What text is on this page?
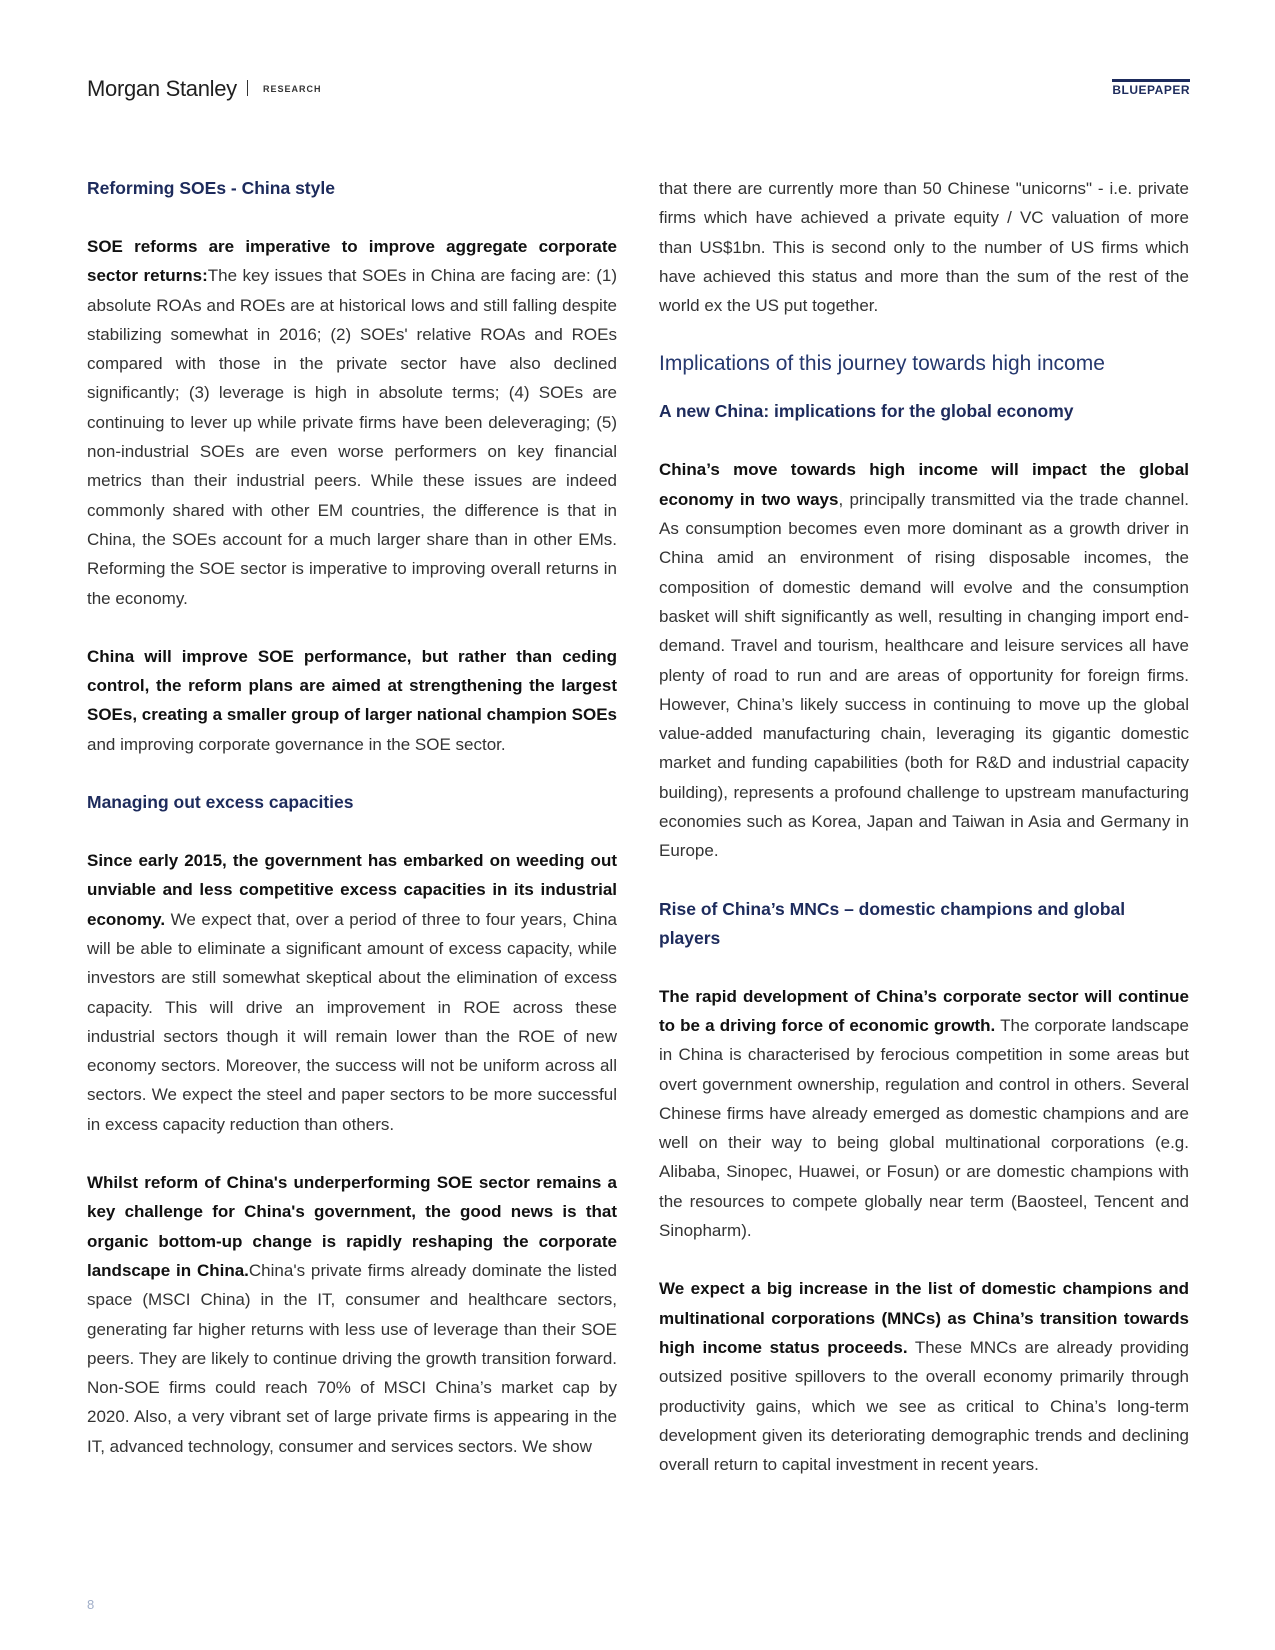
Morgan Stanley	RESEARCH	BLUEPAPER
Reforming SOEs - China style

SOE reforms are imperative to improve aggregate corporate sector returns:The key issues that SOEs in China are facing are: (1) absolute ROAs and ROEs are at historical lows and still falling despite stabilizing somewhat in 2016; (2) SOEs' relative ROAs and ROEs compared with those in the private sector have also declined significantly; (3) leverage is high in absolute terms; (4) SOEs are continuing to lever up while private firms have been deleveraging; (5) non-industrial SOEs are even worse performers on key financial metrics than their industrial peers. While these issues are indeed commonly shared with other EM countries, the difference is that in China, the SOEs account for a much larger share than in other EMs. Reforming the SOE sector is imperative to improving overall returns in the economy.

China will improve SOE performance, but rather than ceding control, the reform plans are aimed at strengthening the largest SOEs, creating a smaller group of larger national champion SOEs and improving corporate governance in the SOE sector.

Managing out excess capacities

Since early 2015, the government has embarked on weeding out unviable and less competitive excess capacities in its industrial economy. We expect that, over a period of three to four years, China will be able to eliminate a significant amount of excess capacity, while investors are still somewhat skeptical about the elimination of excess capacity. This will drive an improvement in ROE across these industrial sectors though it will remain lower than the ROE of new economy sectors. Moreover, the success will not be uniform across all sectors. We expect the steel and paper sectors to be more successful in excess capacity reduction than others.

Whilst reform of China's underperforming SOE sector remains a key challenge for China's government, the good news is that organic bottom-up change is rapidly reshaping the corporate landscape in China.China's private firms already dominate the listed space (MSCI China) in the IT, consumer and healthcare sectors, generating far higher returns with less use of leverage than their SOE peers. They are likely to continue driving the growth transition forward. Non-SOE firms could reach 70% of MSCI China’s market cap by 2020. Also, a very vibrant set of large private firms is appearing in the IT, advanced technology, consumer and services sectors. We show

that there are currently more than 50 Chinese "unicorns" - i.e. private firms which have achieved a private equity / VC valuation of more than US$1bn. This is second only to the number of US firms which have achieved this status and more than the sum of the rest of the world ex the US put together.

Implications of this journey towards high income
A new China: implications for the global economy

China’s move towards high income will impact the global economy in two ways, principally transmitted via the trade channel. As consumption becomes even more dominant as a growth driver in China amid an environment of rising disposable incomes, the composition of domestic demand will evolve and the consumption basket will shift significantly as well, resulting in changing import end-demand. Travel and tourism, healthcare and leisure services all have plenty of road to run and are areas of opportunity for foreign firms. However, China’s likely success in continuing to move up the global value-added manufacturing chain, leveraging its gigantic domestic market and funding capabilities (both for R&D and industrial capacity building), represents a profound challenge to upstream manufacturing economies such as Korea, Japan and Taiwan in Asia and Germany in Europe.

Rise of China’s MNCs – domestic champions and global players

The rapid development of China’s corporate sector will continue to be a driving force of economic growth. The corporate landscape in China is characterised by ferocious competition in some areas but overt government ownership, regulation and control in others. Several Chinese firms have already emerged as domestic champions and are well on their way to being global multinational corporations (e.g. Alibaba, Sinopec, Huawei, or Fosun) or are domestic champions with the resources to compete globally near term (Baosteel, Tencent and Sinopharm).

We expect a big increase in the list of domestic champions and multinational corporations (MNCs) as China’s transition towards high income status proceeds. These MNCs are already providing outsized positive spillovers to the overall economy primarily through productivity gains, which we see as critical to China’s long-term development given its deteriorating demographic trends and declining overall return to capital investment in recent years.

8
